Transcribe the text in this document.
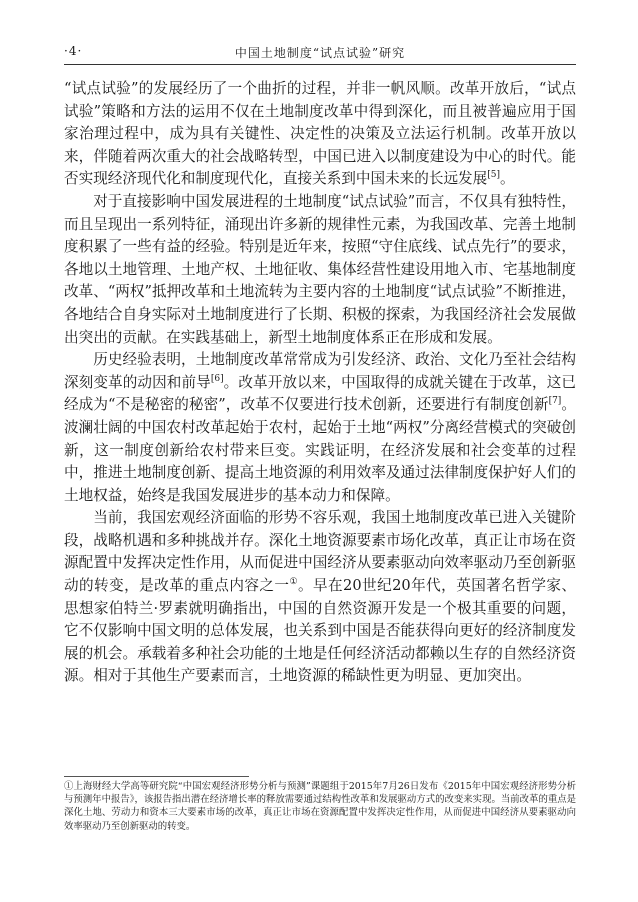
·4·	中国土地制度“试点试验”研究

“试点试验”的发展经历了一个曲折的过程，并非一帆风顺。改革开放后，“试点试验”策略和方法的运用不仅在土地制度改革中得到深化，而且被普遍应用于国家治理过程中，成为具有关键性、决定性的决策及立法运行机制。改革开放以来，伴随着两次重大的社会战略转型，中国已进入以制度建设为中心的时代。能否实现经济现代化和制度现代化，直接关系到中国未来的长远发展[5]。

对于直接影响中国发展进程的土地制度“试点试验”而言，不仅具有独特性，而且呈现出一系列特征，涌现出许多新的规律性元素，为我国改革、完善土地制度积累了一些有益的经验。特别是近年来，按照“守住底线、试点先行”的要求，各地以土地管理、土地产权、土地征收、集体经营性建设用地入市、宅基地制度改革、“两权”抵押改革和土地流转为主要内容的土地制度“试点试验”不断推进，各地结合自身实际对土地制度进行了长期、积极的探索，为我国经济社会发展做出突出的贡献。在实践基础上，新型土地制度体系正在形成和发展。

历史经验表明，土地制度改革常常成为引发经济、政治、文化乃至社会结构深刻变革的动因和前导[6]。改革开放以来，中国取得的成就关键在于改革，这已经成为“不是秘密的秘密”，改革不仅要进行技术创新，还要进行有制度创新[7]。波澜壮阔的中国农村改革起始于农村，起始于土地“两权”分离经营模式的突破创新，这一制度创新给农村带来巨变。实践证明，在经济发展和社会变革的过程中，推进土地制度创新、提高土地资源的利用效率及通过法律制度保护好人们的土地权益，始终是我国发展进步的基本动力和保障。

当前，我国宏观经济面临的形势不容乐观，我国土地制度改革已进入关键阶段，战略机遇和多种挑战并存。深化土地资源要素市场化改革，真正让市场在资源配置中发挥决定性作用，从而促进中国经济从要素驱动向效率驱动乃至创新驱动的转变，是改革的重点内容之一①。早在20世纪20年代，英国著名哲学家、思想家伯特兰·罗素就明确指出，中国的自然资源开发是一个极其重要的问题，它不仅影响中国文明的总体发展，也关系到中国是否能获得向更好的经济制度发展的机会。承载着多种社会功能的土地是任何经济活动都赖以生存的自然经济资源。相对于其他生产要素而言，土地资源的稀缺性更为明显、更加突出。

①上海财经大学高等研究院“中国宏观经济形势分析与预测”课题组于2015年7月26日发布《2015年中国宏观经济形势分析与预测年中报告》，该报告指出潜在经济增长率的释放需要通过结构性改革和发展驱动方式的改变来实现。当前改革的重点是深化土地、劳动力和资本三大要素市场的改革，真正让市场在资源配置中发挥决定性作用，从而促进中国经济从要素驱动向效率驱动乃至创新驱动的转变。
